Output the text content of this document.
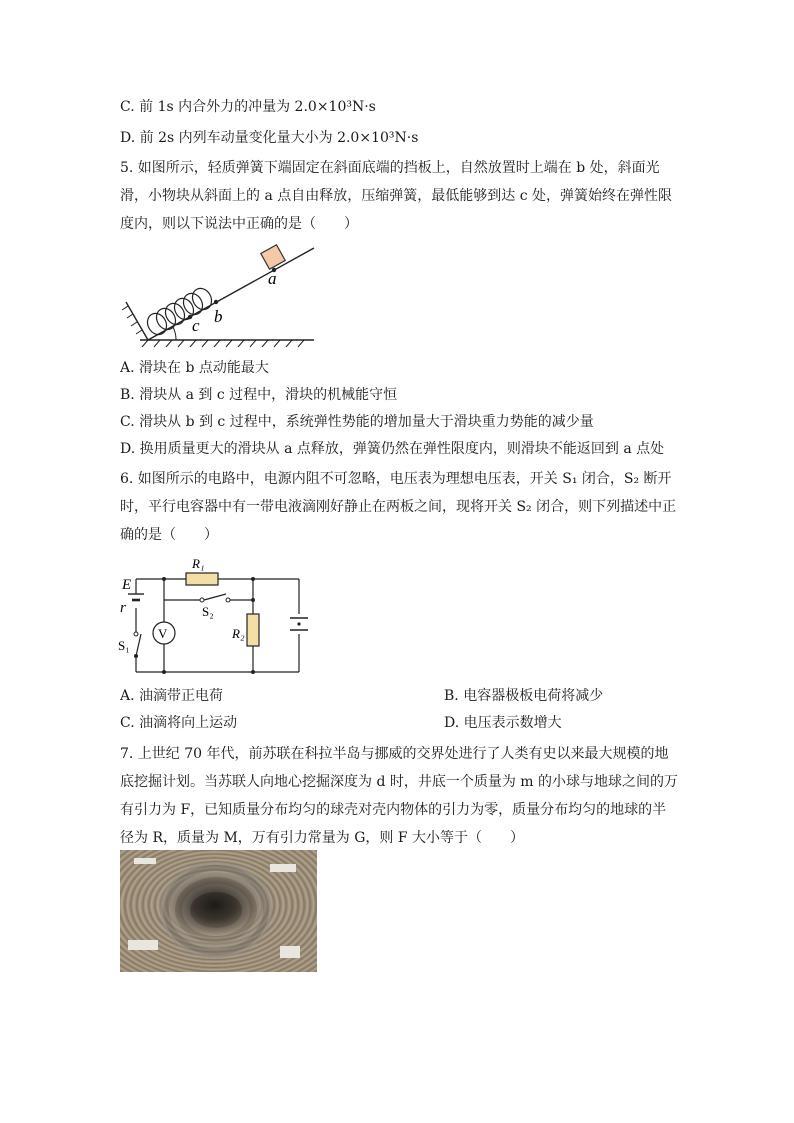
C. 前 1s 内合外力的冲量为 2.0×10³N·s
D. 前 2s 内列车动量变化量大小为 2.0×10³N·s
5. 如图所示，轻质弹簧下端固定在斜面底端的挡板上，自然放置时上端在 b 处，斜面光滑，小物块从斜面上的 a 点自由释放，压缩弹簧，最低能够到达 c 处，弹簧始终在弹性限度内，则以下说法中正确的是（　　）
c b
a
A. 滑块在 b 点动能最大
B. 滑块从 a 到 c 过程中，滑块的机械能守恒
C. 滑块从 b 到 c 过程中，系统弹性势能的增加量大于滑块重力势能的减少量
D. 换用质量更大的滑块从 a 点释放，弹簧仍然在弹性限度内，则滑块不能返回到 a 点处
6. 如图所示的电路中，电源内阻不可忽略，电压表为理想电压表，开关 S₁ 闭合，S₂ 断开时，平行电容器中有一带电液滴刚好静止在两板之间，现将开关 S₂ 闭合，则下列描述中正确的是（　　）
E
r
R₁
S₂
V	R₂
S₁
A. 油滴带正电荷	B. 电容器极板电荷将减少
C. 油滴将向上运动	D. 电压表示数增大
7. 上世纪 70 年代，前苏联在科拉半岛与挪威的交界处进行了人类有史以来最大规模的地底挖掘计划。当苏联人向地心挖掘深度为 d 时，井底一个质量为 m 的小球与地球之间的万有引力为 F，已知质量分布均匀的球壳对壳内物体的引力为零，质量分布均匀的地球的半径为 R，质量为 M，万有引力常量为 G，则 F 大小等于（　　）
